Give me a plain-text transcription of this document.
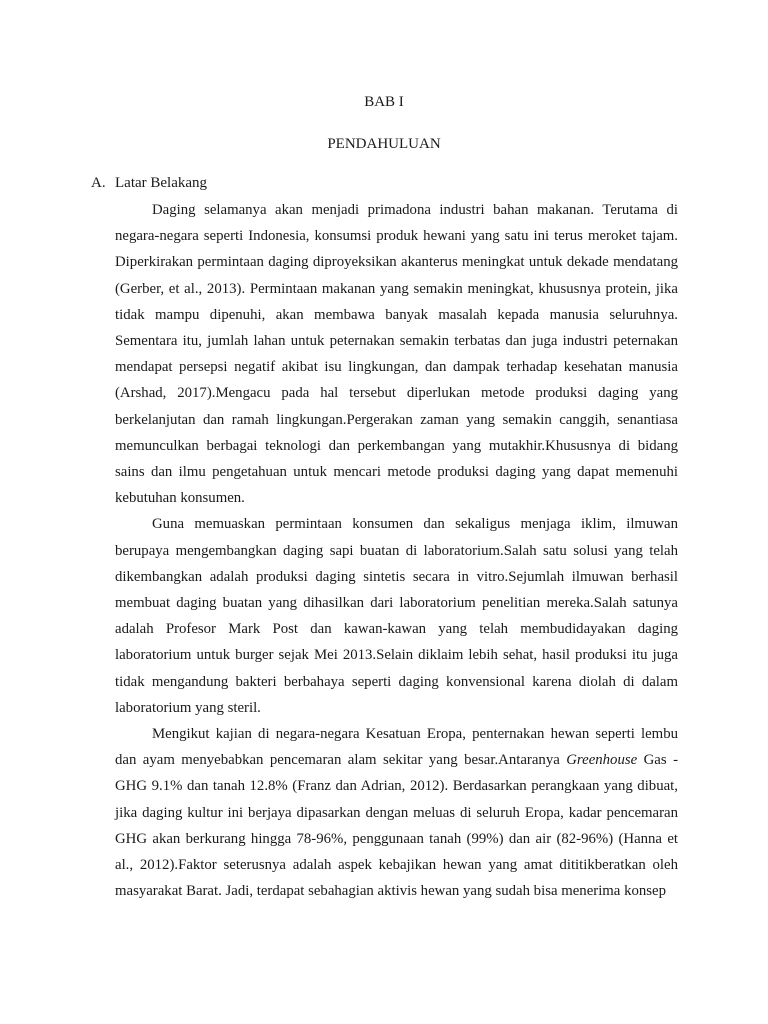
BAB I
PENDAHULUAN
A. Latar Belakang

Daging selamanya akan menjadi primadona industri bahan makanan. Terutama di negara-negara seperti Indonesia, konsumsi produk hewani yang satu ini terus meroket tajam. Diperkirakan permintaan daging diproyeksikan akanterus meningkat untuk dekade mendatang (Gerber, et al., 2013). Permintaan makanan yang semakin meningkat, khususnya protein, jika tidak mampu dipenuhi, akan membawa banyak masalah kepada manusia seluruhnya. Sementara itu, jumlah lahan untuk peternakan semakin terbatas dan juga industri peternakan mendapat persepsi negatif akibat isu lingkungan, dan dampak terhadap kesehatan manusia (Arshad, 2017).Mengacu pada hal tersebut diperlukan metode produksi daging yang berkelanjutan dan ramah lingkungan.Pergerakan zaman yang semakin canggih, senantiasa memunculkan berbagai teknologi dan perkembangan yang mutakhir.Khususnya di bidang sains dan ilmu pengetahuan untuk mencari metode produksi daging yang dapat memenuhi kebutuhan konsumen.

Guna memuaskan permintaan konsumen dan sekaligus menjaga iklim, ilmuwan berupaya mengembangkan daging sapi buatan di laboratorium.Salah satu solusi yang telah dikembangkan adalah produksi daging sintetis secara in vitro.Sejumlah ilmuwan berhasil membuat daging buatan yang dihasilkan dari laboratorium penelitian mereka.Salah satunya adalah Profesor Mark Post dan kawan-kawan yang telah membudidayakan daging laboratorium untuk burger sejak Mei 2013.Selain diklaim lebih sehat, hasil produksi itu juga tidak mengandung bakteri berbahaya seperti daging konvensional karena diolah di dalam laboratorium yang steril.

Mengikut kajian di negara-negara Kesatuan Eropa, penternakan hewan seperti lembu dan ayam menyebabkan pencemaran alam sekitar yang besar.Antaranya Greenhouse Gas - GHG 9.1% dan tanah 12.8% (Franz dan Adrian, 2012). Berdasarkan perangkaan yang dibuat, jika daging kultur ini berjaya dipasarkan dengan meluas di seluruh Eropa, kadar pencemaran GHG akan berkurang hingga 78-96%, penggunaan tanah (99%) dan air (82-96%) (Hanna et al., 2012).Faktor seterusnya adalah aspek kebajikan hewan yang amat dititikberatkan oleh masyarakat Barat. Jadi, terdapat sebahagian aktivis hewan yang sudah bisa menerima konsep
